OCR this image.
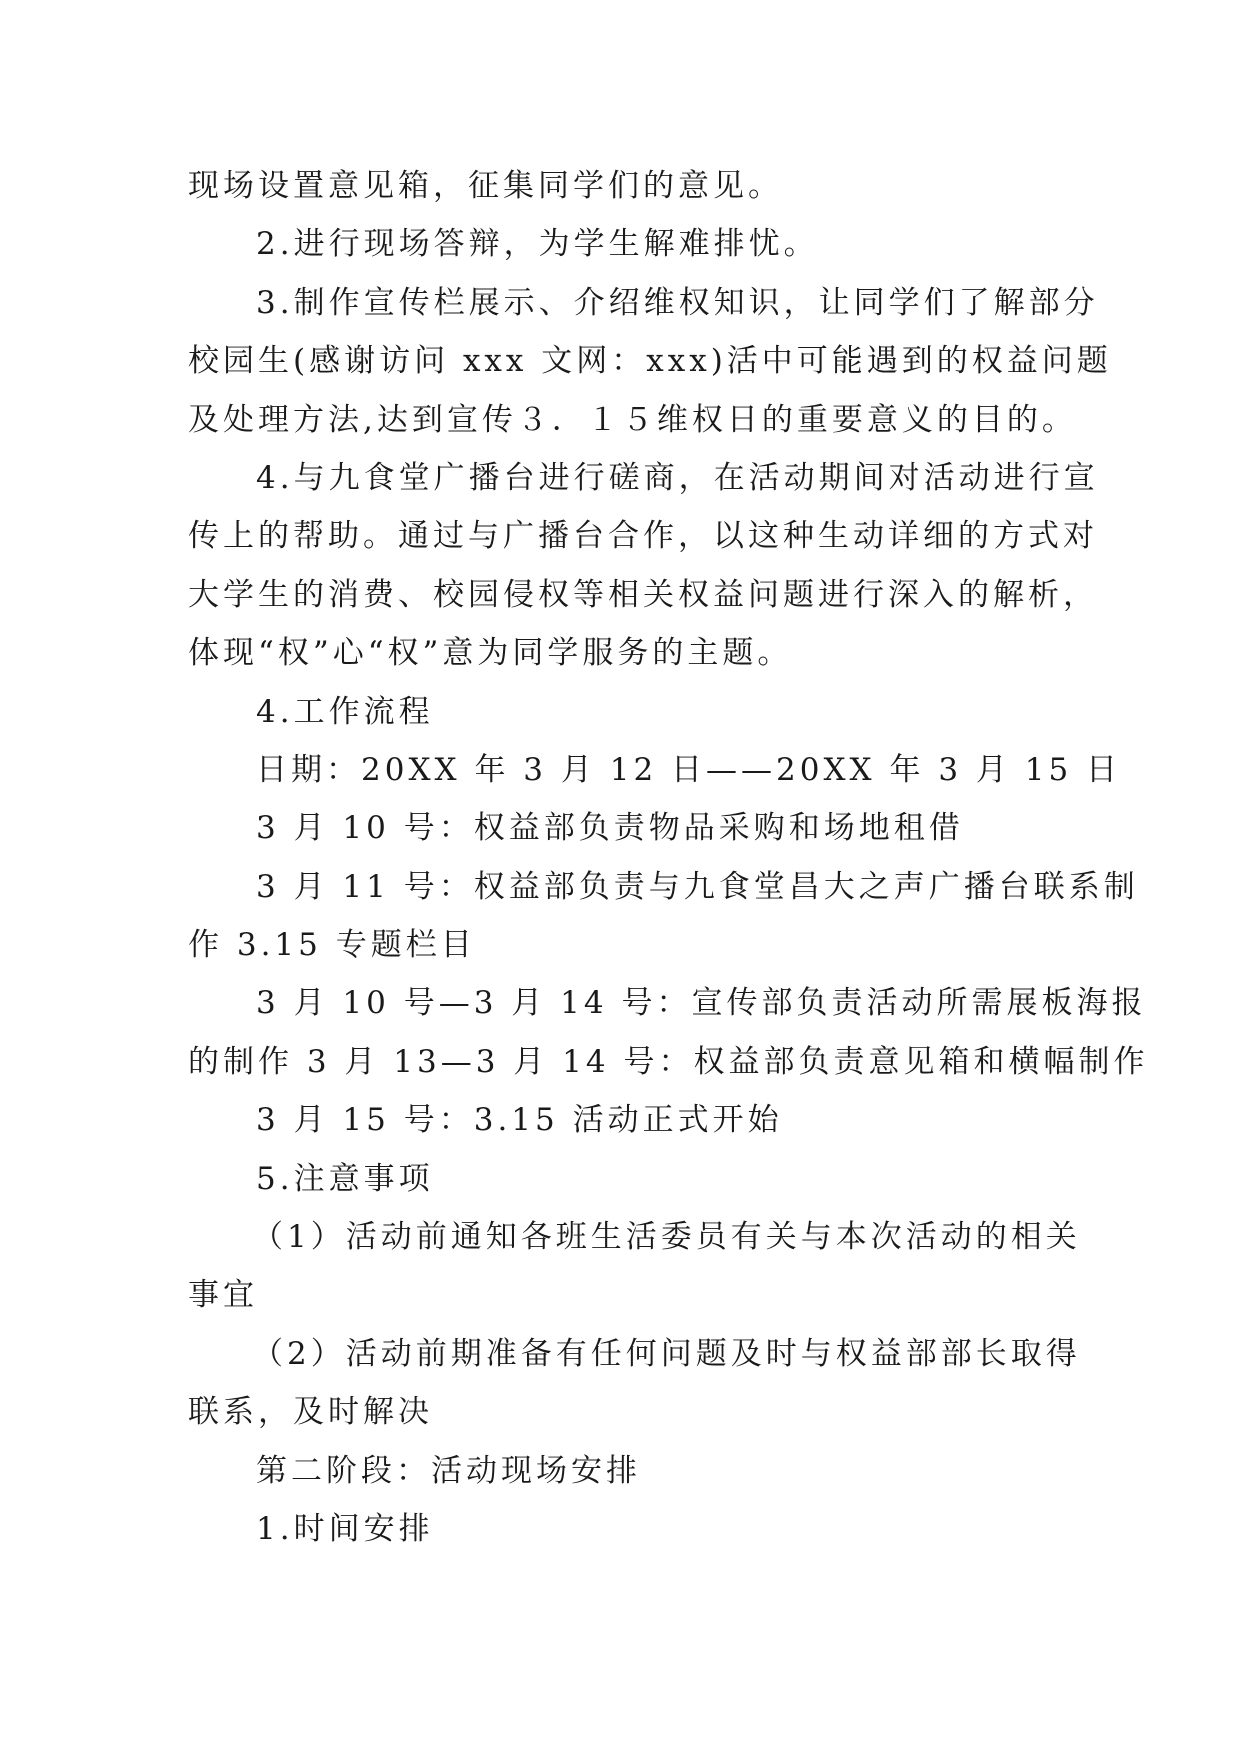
现场设置意见箱，征集同学们的意见。
2.进行现场答辩，为学生解难排忧。
3.制作宣传栏展示、介绍维权知识，让同学们了解部分
校园生(感谢访问 xxx 文网：xxx)活中可能遇到的权益问题
及处理方法,达到宣传３．１５维权日的重要意义的目的。
4.与九食堂广播台进行磋商，在活动期间对活动进行宣
传上的帮助。通过与广播台合作，以这种生动详细的方式对
大学生的消费、校园侵权等相关权益问题进行深入的解析，
体现“权”心“权”意为同学服务的主题。
4.工作流程
日期：20XX 年 3 月 12 日——20XX 年 3 月 15 日
3 月 10 号：权益部负责物品采购和场地租借
3 月 11 号：权益部负责与九食堂昌大之声广播台联系制
作 3.15 专题栏目
3 月 10 号—3 月 14 号：宣传部负责活动所需展板海报
的制作 3 月 13—3 月 14 号：权益部负责意见箱和横幅制作
3 月 15 号：3.15 活动正式开始
5.注意事项
（1）活动前通知各班生活委员有关与本次活动的相关
事宜
（2）活动前期准备有任何问题及时与权益部部长取得
联系，及时解决
第二阶段：活动现场安排
1.时间安排
